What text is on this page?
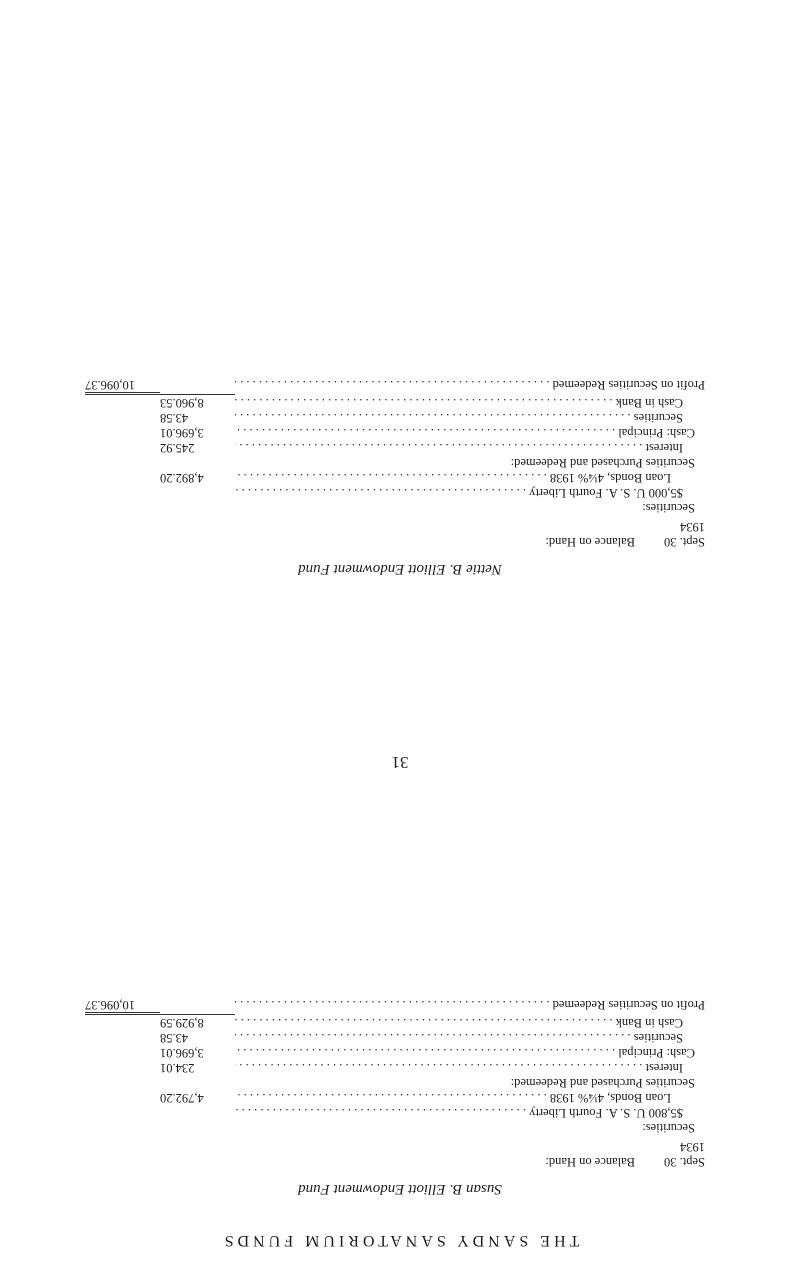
THE SANDY SANATORIUM FUNDS
Susan B. Elliott Endowment Fund
Sept. 30
1934
Balance on Hand:
Securities:
$5,800 U. S. A. Fourth Liberty . . .
Loan Bonds, 4¼% 1938 . . .
4,792.20
Securities Purchased and Redeemed:
Interest . . .
234.01
Cash: Principal . . .
3,696.01
Securities . . .
43.58
Cash in Bank . . .
8,929.59
Profit on Securities Redeemed . . .
10,096.37
31
Nettie B. Elliott Endowment Fund
Sept. 30
1934
Balance on Hand:
Securities:
$5,000 U. S. A. Fourth Liberty . . .
Loan Bonds, 4¼% 1938 . . .
4,892.20
Securities Purchased and Redeemed:
Interest . . .
245.92
Cash: Principal . . .
3,696.01
Securities . . .
43.58
Cash in Bank . . .
8,960.53
Profit on Securities Redeemed . . .
10,096.37
